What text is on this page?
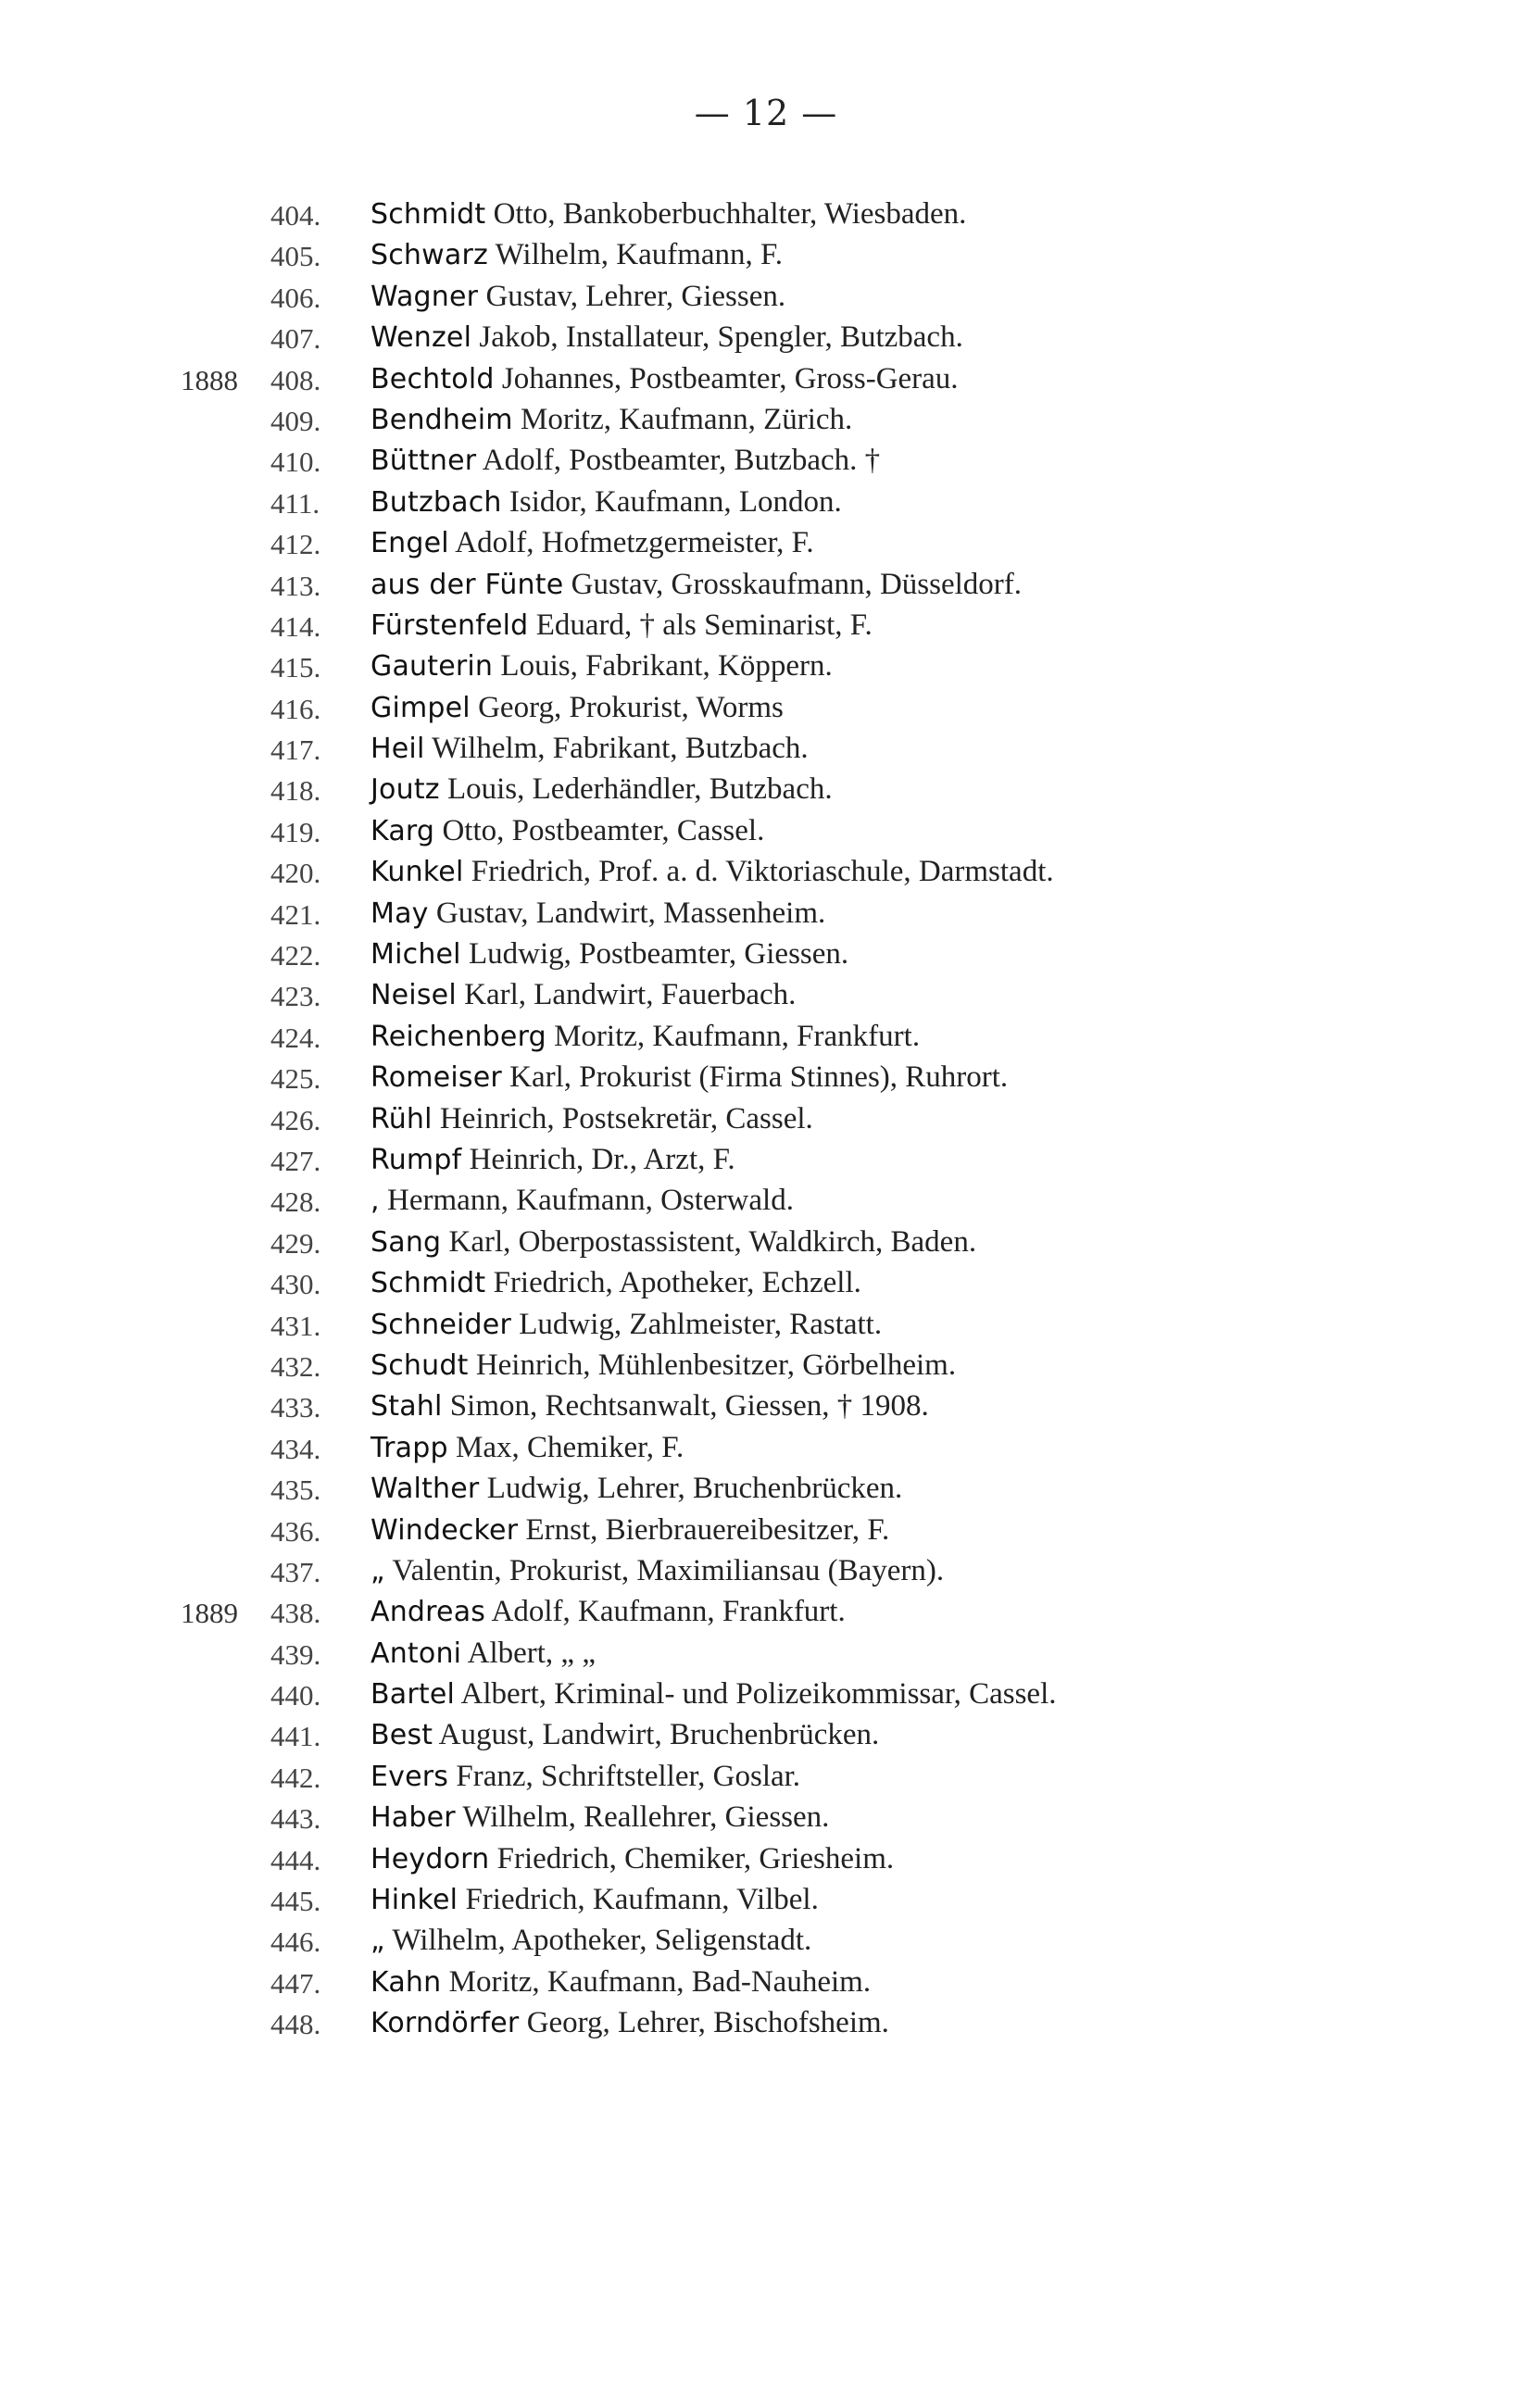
— 12 —
404.	Schmidt Otto, Bankoberbuchhalter, Wiesbaden.
405.	Schwarz Wilhelm, Kaufmann, F.
406.	Wagner Gustav, Lehrer, Giessen.
407.	Wenzel Jakob, Installateur, Spengler, Butzbach.
1888 408.	Bechtold Johannes, Postbeamter, Gross-Gerau.
409.	Bendheim Moritz, Kaufmann, Zürich.
410.	Büttner Adolf, Postbeamter, Butzbach. †
411.	Butzbach Isidor, Kaufmann, London.
412.	Engel Adolf, Hofmetzgermeister, F.
413.	aus der Fünte Gustav, Grosskaufmann, Düsseldorf.
414.	Fürstenfeld Eduard, † als Seminarist, F.
415.	Gauterin Louis, Fabrikant, Köppern.
416.	Gimpel Georg, Prokurist, Worms
417.	Heil Wilhelm, Fabrikant, Butzbach.
418.	Joutz Louis, Lederhändler, Butzbach.
419.	Karg Otto, Postbeamter, Cassel.
420.	Kunkel Friedrich, Prof. a. d. Viktoriaschule, Darmstadt.
421.	May Gustav, Landwirt, Massenheim.
422.	Michel Ludwig, Postbeamter, Giessen.
423.	Neisel Karl, Landwirt, Fauerbach.
424.	Reichenberg Moritz, Kaufmann, Frankfurt.
425.	Romeiser Karl, Prokurist (Firma Stinnes), Ruhrort.
426.	Rühl Heinrich, Postsekretär, Cassel.
427.	Rumpf Heinrich, Dr., Arzt, F.
428.	, Hermann, Kaufmann, Osterwald.
429.	Sang Karl, Oberpostassistent, Waldkirch, Baden.
430.	Schmidt Friedrich, Apotheker, Echzell.
431.	Schneider Ludwig, Zahlmeister, Rastatt.
432.	Schudt Heinrich, Mühlenbesitzer, Görbelheim.
433.	Stahl Simon, Rechtsanwalt, Giessen, † 1908.
434.	Trapp Max, Chemiker, F.
435.	Walther Ludwig, Lehrer, Bruchenbrücken.
436.	Windecker Ernst, Bierbrauereibesitzer, F.
437.	„ Valentin, Prokurist, Maximiliansau (Bayern).
1889 438.	Andreas Adolf, Kaufmann, Frankfurt.
439.	Antoni Albert, „ „
440.	Bartel Albert, Kriminal- und Polizeikommissar, Cassel.
441.	Best August, Landwirt, Bruchenbrücken.
442.	Evers Franz, Schriftsteller, Goslar.
443.	Haber Wilhelm, Reallehrer, Giessen.
444.	Heydorn Friedrich, Chemiker, Griesheim.
445.	Hinkel Friedrich, Kaufmann, Vilbel.
446.	„ Wilhelm, Apotheker, Seligenstadt.
447.	Kahn Moritz, Kaufmann, Bad-Nauheim.
448.	Korndörfer Georg, Lehrer, Bischofsheim.
